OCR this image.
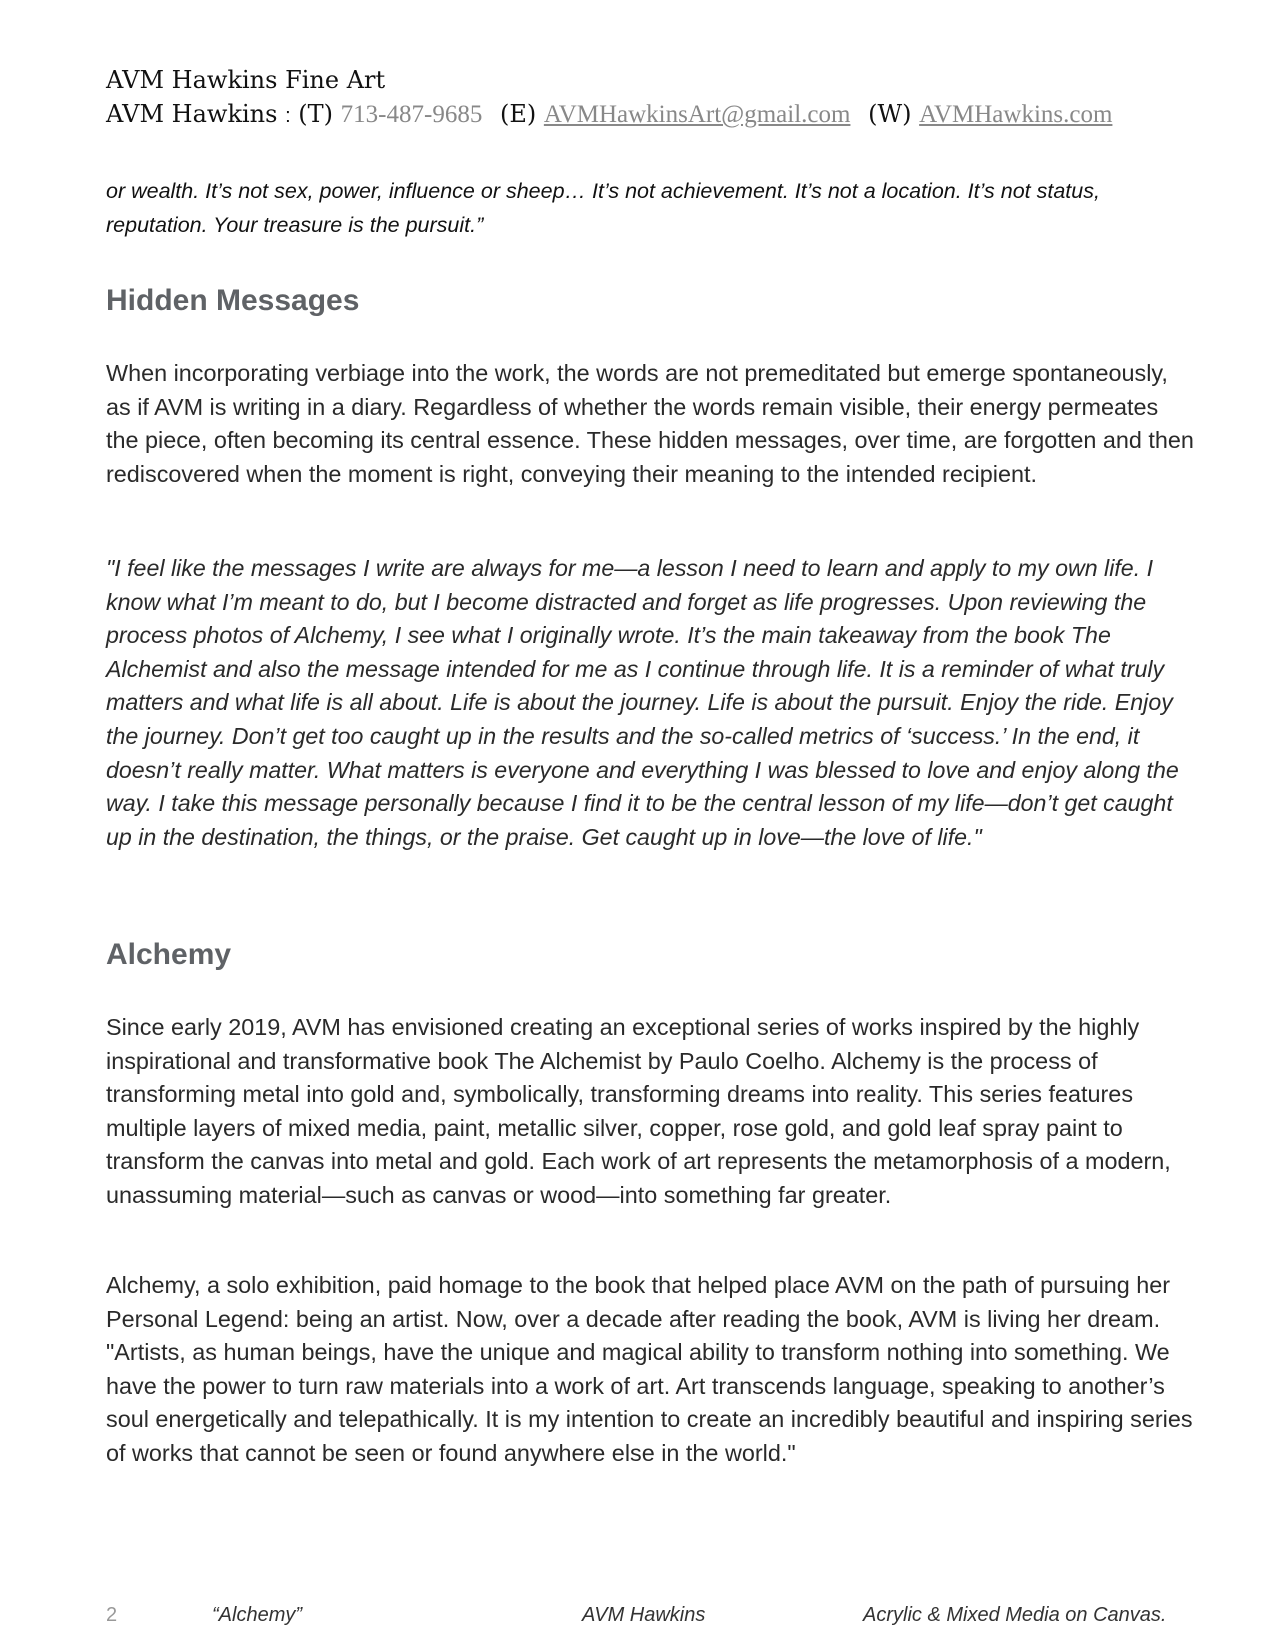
AVM Hawkins Fine Art
AVM Hawkins : (T) 713-487-9685 (E) AVMHawkinsArt@gmail.com (W) AVMHawkins.com
or wealth. It’s not sex, power, influence or sheep… It’s not achievement. It’s not a location. It’s not status, reputation. Your treasure is the pursuit.”
Hidden Messages
When incorporating verbiage into the work, the words are not premeditated but emerge spontaneously, as if AVM is writing in a diary. Regardless of whether the words remain visible, their energy permeates the piece, often becoming its central essence. These hidden messages, over time, are forgotten and then rediscovered when the moment is right, conveying their meaning to the intended recipient.
"I feel like the messages I write are always for me—a lesson I need to learn and apply to my own life. I know what I’m meant to do, but I become distracted and forget as life progresses. Upon reviewing the process photos of Alchemy, I see what I originally wrote. It’s the main takeaway from the book The Alchemist and also the message intended for me as I continue through life. It is a reminder of what truly matters and what life is all about. Life is about the journey. Life is about the pursuit. Enjoy the ride. Enjoy the journey. Don’t get too caught up in the results and the so-called metrics of ‘success.’ In the end, it doesn’t really matter. What matters is everyone and everything I was blessed to love and enjoy along the way. I take this message personally because I find it to be the central lesson of my life—don’t get caught up in the destination, the things, or the praise. Get caught up in love—the love of life."
Alchemy
Since early 2019, AVM has envisioned creating an exceptional series of works inspired by the highly inspirational and transformative book The Alchemist by Paulo Coelho. Alchemy is the process of transforming metal into gold and, symbolically, transforming dreams into reality. This series features multiple layers of mixed media, paint, metallic silver, copper, rose gold, and gold leaf spray paint to transform the canvas into metal and gold. Each work of art represents the metamorphosis of a modern, unassuming material—such as canvas or wood—into something far greater.
Alchemy, a solo exhibition, paid homage to the book that helped place AVM on the path of pursuing her Personal Legend: being an artist. Now, over a decade after reading the book, AVM is living her dream. "Artists, as human beings, have the unique and magical ability to transform nothing into something. We have the power to turn raw materials into a work of art. Art transcends language, speaking to another’s soul energetically and telepathically. It is my intention to create an incredibly beautiful and inspiring series of works that cannot be seen or found anywhere else in the world."
2	“Alchemy”	AVM Hawkins	Acrylic & Mixed Media on Canvas.
